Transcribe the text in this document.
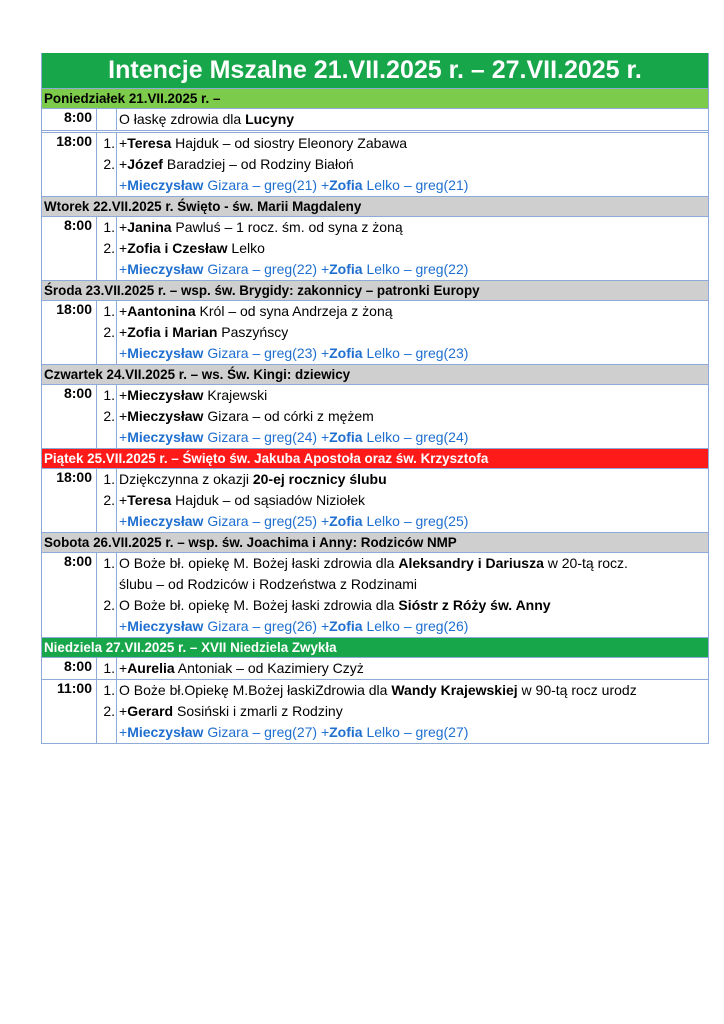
Intencje Mszalne 21.VII.2025 r. – 27.VII.2025 r.
Poniedziałek 21.VII.2025 r. –
8:00	O łaskę zdrowia dla Lucyny
18:00 1. +Teresa Hajduk – od siostry Eleonory Zabawa
2. +Józef Baradziej – od Rodziny Białoń
+Mieczysław Gizara – greg(21) +Zofia Lelko – greg(21)
Wtorek 22.VII.2025 r. Święto - św. Marii Magdaleny
8:00 1. +Janina Pawluś – 1 rocz. śm. od syna z żoną
2. +Zofia i Czesław Lelko
+Mieczysław Gizara – greg(22) +Zofia Lelko – greg(22)
Środa 23.VII.2025 r. – wsp. św. Brygidy: zakonnicy – patronki Europy
18:00 1. +Aantonina Król – od syna Andrzeja z żoną
2. +Zofia i Marian Paszyńscy
+Mieczysław Gizara – greg(23) +Zofia Lelko – greg(23)
Czwartek 24.VII.2025 r. – ws. Św. Kingi: dziewicy
8:00 1. +Mieczysław Krajewski
2. +Mieczysław Gizara – od córki z mężem
+Mieczysław Gizara – greg(24) +Zofia Lelko – greg(24)
Piątek 25.VII.2025 r. – Święto św. Jakuba Apostoła oraz św. Krzysztofa
18:00 1. Dziękczynna z okazji 20-ej rocznicy ślubu
2. +Teresa Hajduk – od sąsiadów Niziołek
+Mieczysław Gizara – greg(25) +Zofia Lelko – greg(25)
Sobota 26.VII.2025 r. – wsp. św. Joachima i Anny: Rodziców NMP
8:00 1. O Boże bł. opiekę M. Bożej łaski zdrowia dla Aleksandry i Dariusza w 20-tą rocz.
ślubu – od Rodziców i Rodzeństwa z Rodzinami
2. O Boże bł. opiekę M. Bożej łaski zdrowia dla Sióstr z Róży św. Anny
+Mieczysław Gizara – greg(26) +Zofia Lelko – greg(26)
Niedziela 27.VII.2025 r. – XVII Niedziela Zwykła
8:00 1. +Aurelia Antoniak – od Kazimiery Czyż
11:00 1. O Boże bł.Opiekę M.Bożej łaskiZdrowia dla Wandy Krajewskiej w 90-tą rocz urodz
2. +Gerard Sosiński i zmarli z Rodziny
+Mieczysław Gizara – greg(27) +Zofia Lelko – greg(27)
